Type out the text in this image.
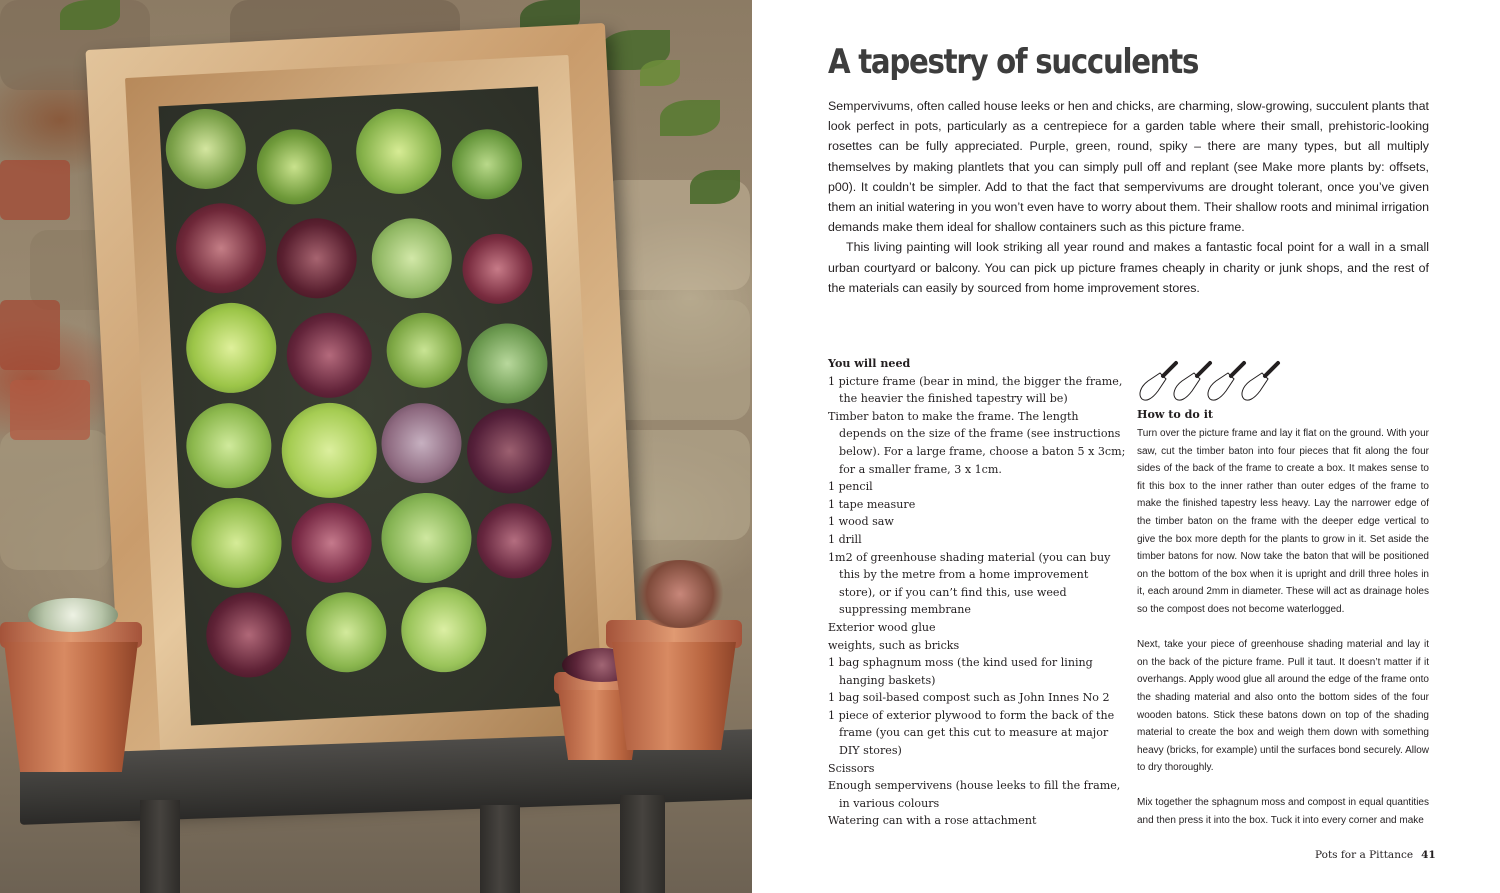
A tapestry of succulents

Sempervivums, often called house leeks or hen and chicks, are charming, slow-growing, succulent plants that look perfect in pots, particularly as a centrepiece for a garden table where their small, prehistoric-looking rosettes can be fully appreciated. Purple, green, round, spiky – there are many types, but all multiply themselves by making plantlets that you can simply pull off and replant (see Make more plants by: offsets, p00). It couldn’t be simpler. Add to that the fact that sempervivums are drought tolerant, once you’ve given them an initial watering in you won’t even have to worry about them. Their shallow roots and minimal irrigation demands make them ideal for shallow containers such as this picture frame.

This living painting will look striking all year round and makes a fantastic focal point for a wall in a small urban courtyard or balcony. You can pick up picture frames cheaply in charity or junk shops, and the rest of the materials can easily by sourced from home improvement stores.

You will need
1 picture frame (bear in mind, the bigger the frame, the heavier the finished tapestry will be)
Timber baton to make the frame. The length depends on the size of the frame (see instructions below). For a large frame, choose a baton 5 x 3cm; for a smaller frame, 3 x 1cm.
1 pencil
1 tape measure
1 wood saw
1 drill
1m2 of greenhouse shading material (you can buy this by the metre from a home improvement store), or if you can’t find this, use weed suppressing membrane
Exterior wood glue
weights, such as bricks
1 bag sphagnum moss (the kind used for lining hanging baskets)
1 bag soil-based compost such as John Innes No 2
1 piece of exterior plywood to form the back of the frame (you can get this cut to measure at major DIY stores)
Scissors
Enough sempervivens (house leeks to fill the frame, in various colours
Watering can with a rose attachment
How to do it

Turn over the picture frame and lay it flat on the ground. With your saw, cut the timber baton into four pieces that fit along the four sides of the back of the frame to create a box. It makes sense to fit this box to the inner rather than outer edges of the frame to make the finished tapestry less heavy. Lay the narrower edge of the timber baton on the frame with the deeper edge vertical to give the box more depth for the plants to grow in it. Set aside the timber batons for now. Now take the baton that will be positioned on the bottom of the box when it is upright and drill three holes in it, each around 2mm in diameter. These will act as drainage holes so the compost does not become waterlogged.

Next, take your piece of greenhouse shading material and lay it on the back of the picture frame. Pull it taut. It doesn’t matter if it overhangs. Apply wood glue all around the edge of the frame onto the shading material and also onto the bottom sides of the four wooden batons. Stick these batons down on top of the shading material to create the box and weigh them down with something heavy (bricks, for example) until the surfaces bond securely. Allow to dry thoroughly.

Mix together the sphagnum moss and compost in equal quantities and then press it into the box. Tuck it into every corner and make

Pots for a Pittance 41
